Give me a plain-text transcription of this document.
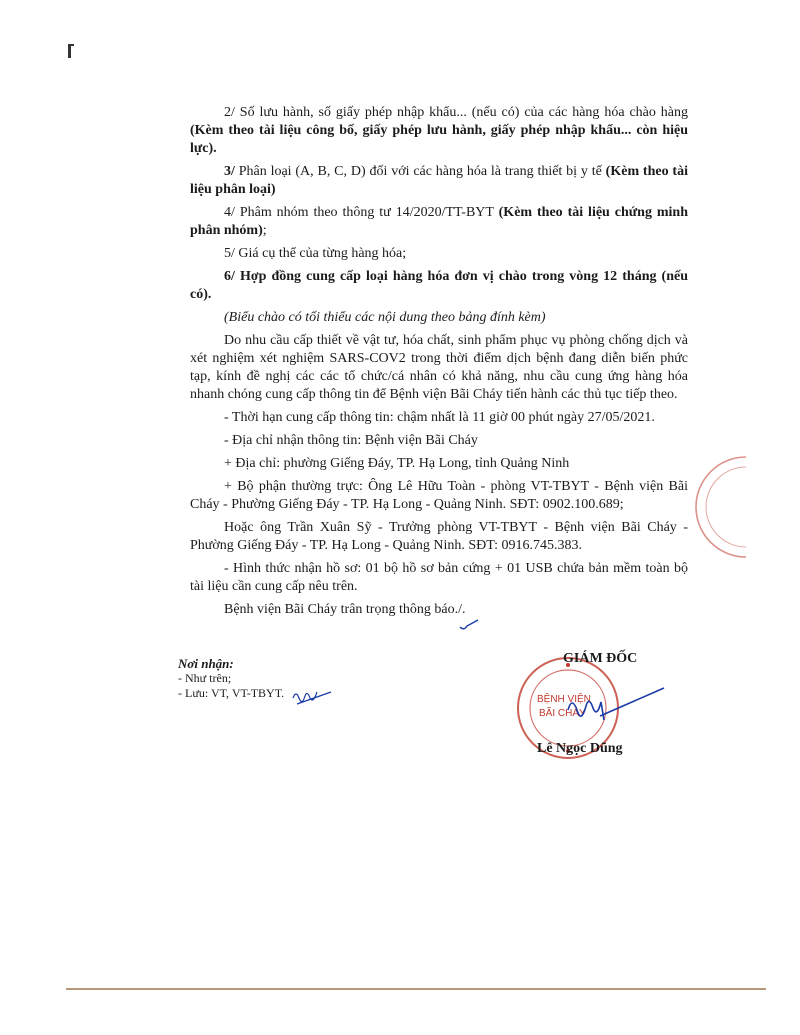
2/ Số lưu hành, số giấy phép nhập khẩu... (nếu có) của các hàng hóa chào hàng (Kèm theo tài liệu công bố, giấy phép lưu hành, giấy phép nhập khẩu... còn hiệu lực).

3/ Phân loại (A, B, C, D) đối với các hàng hóa là trang thiết bị y tế (Kèm theo tài liệu phân loại)

4/ Phâm nhóm theo thông tư 14/2020/TT-BYT (Kèm theo tài liệu chứng minh phân nhóm);

5/ Giá cụ thể của từng hàng hóa;

6/ Hợp đồng cung cấp loại hàng hóa đơn vị chào trong vòng 12 tháng (nếu có).

(Biểu chào có tối thiểu các nội dung theo bảng đính kèm)

Do nhu cầu cấp thiết về vật tư, hóa chất, sinh phẩm phục vụ phòng chống dịch và xét nghiệm xét nghiệm SARS-COV2 trong thời điểm dịch bệnh đang diễn biến phức tạp, kính đề nghị các các tổ chức/cá nhân có khả năng, nhu cầu cung ứng hàng hóa nhanh chóng cung cấp thông tin để Bệnh viện Bãi Cháy tiến hành các thủ tục tiếp theo.

- Thời hạn cung cấp thông tin: chậm nhất là 11 giờ 00 phút ngày 27/05/2021.

- Địa chỉ nhận thông tin: Bệnh viện Bãi Cháy

+ Địa chỉ: phường Giếng Đáy, TP. Hạ Long, tỉnh Quảng Ninh

+ Bộ phận thường trực: Ông Lê Hữu Toàn - phòng VT-TBYT - Bệnh viện Bãi Cháy - Phường Giếng Đáy - TP. Hạ Long - Quảng Ninh. SĐT: 0902.100.689;

Hoặc ông Trần Xuân Sỹ - Trưởng phòng VT-TBYT - Bệnh viện Bãi Cháy - Phường Giếng Đáy - TP. Hạ Long - Quảng Ninh. SĐT: 0916.745.383.

- Hình thức nhận hồ sơ: 01 bộ hồ sơ bản cứng + 01 USB chứa bản mềm toàn bộ tài liệu cần cung cấp nêu trên.

Bệnh viện Bãi Cháy trân trọng thông báo./.

Nơi nhận:
- Như trên;
- Lưu: VT, VT-TBYT.	BỆNH VIỆN
BÃI CHÁY
GIÁM ĐỐC
Lê Ngọc Dũng
